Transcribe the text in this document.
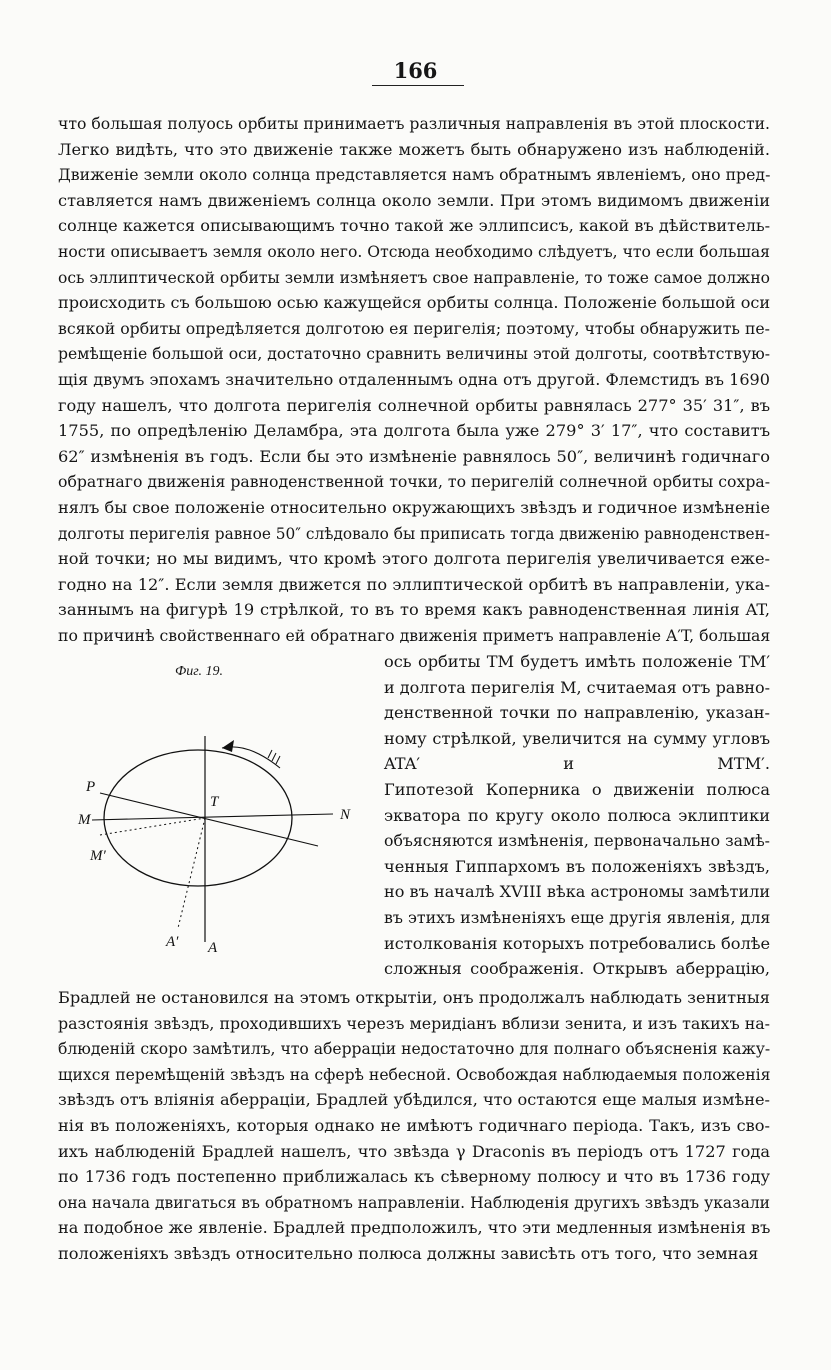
166
что большая полуось орбиты принимаетъ различныя направленія въ этой плоскости.
Легко видѣть, что это движеніе также можетъ быть обнаружено изъ наблюденій.
Движеніе земли около солнца представляется намъ обратнымъ явленіемъ, оно пред-
ставляется намъ движеніемъ солнца около земли. При этомъ видимомъ движеніи
солнце кажется описывающимъ точно такой же эллипсисъ, какой въ дѣйствитель-
ности описываетъ земля около него. Отсюда необходимо слѣдуетъ, что если большая
ось эллиптической орбиты земли измѣняетъ свое направленіе, то тоже самое должно
происходить съ большою осью кажущейся орбиты солнца. Положеніе большой оси
всякой орбиты опредѣляется долготою ея перигелія; поэтому, чтобы обнаружить пе-
ремѣщеніе большой оси, достаточно сравнить величины этой долготы, соотвѣтствую-
щія двумъ эпохамъ значительно отдаленнымъ одна отъ другой. Флемстидъ въ 1690
году нашелъ, что долгота перигелія солнечной орбиты равнялась 277° 35′ 31″, въ
1755, по опредѣленію Деламбра, эта долгота была уже 279° 3′ 17″, что составитъ
62″ измѣненія въ годъ. Если бы это измѣненіе равнялось 50″, величинѣ годичнаго
обратнаго движенія равноденственной точки, то перигелій солнечной орбиты сохра-
нялъ бы свое положеніе относительно окружающихъ звѣздъ и годичное измѣненіе
долготы перигелія равное 50″ слѣдовало бы приписать тогда движенію равноденствен-
ной точки; но мы видимъ, что кромѣ этого долгота перигелія увеличивается еже-
годно на 12″. Если земля движется по эллиптической орбитѣ въ направленіи, ука-
заннымъ на фигурѣ 19 стрѣлкой, то въ то время какъ равноденственная линія AT,
по причинѣ свойственнаго ей обратнаго движенія приметъ направленіе A′T, большая
ось орбиты TM будетъ имѣть положеніе TM′
и долгота перигелія M, считаемая отъ равно-
денственной точки по направленію, указан-
ному стрѣлкой, увеличится на сумму угловъ
ATA′ и MTM′.
Гипотезой Коперника о движеніи полюса
экватора по кругу около полюса эклиптики
объясняются измѣненія, первоначально замѣ-
ченныя Гиппархомъ въ положеніяхъ звѣздъ,
но въ началѣ XVIII вѣка астрономы замѣтили
въ этихъ измѣненіяхъ еще другія явленія, для
истолкованія которыхъ потребовались болѣе
сложныя соображенія. Открывъ аберрацію,
Брадлей не остановился на этомъ открытіи, онъ продолжалъ наблюдать зенитныя
разстоянія звѣздъ, проходившихъ черезъ меридіанъ вблизи зенита, и изъ такихъ на-
блюденій скоро замѣтилъ, что аберраціи недостаточно для полнаго объясненія кажу-
щихся перемѣщеній звѣздъ на сферѣ небесной. Освобождая наблюдаемыя положенія
звѣздъ отъ вліянія аберраціи, Брадлей убѣдился, что остаются еще малыя измѣне-
нія въ положеніяхъ, которыя однако не имѣютъ годичнаго періода. Такъ, изъ сво-
ихъ наблюденій Брадлей нашелъ, что звѣзда γ Draconis въ періодъ отъ 1727 года
по 1736 годъ постепенно приближалась къ сѣверному полюсу и что въ 1736 году
она начала двигаться въ обратномъ направленіи. Наблюденія другихъ звѣздъ указали
на подобное же явленіе. Брадлей предположилъ, что эти медленныя измѣненія въ
положеніяхъ звѣздъ относительно полюса должны зависѣть отъ того, что земная
Фиг. 19.
P
M
M′
T
N
A′ A
